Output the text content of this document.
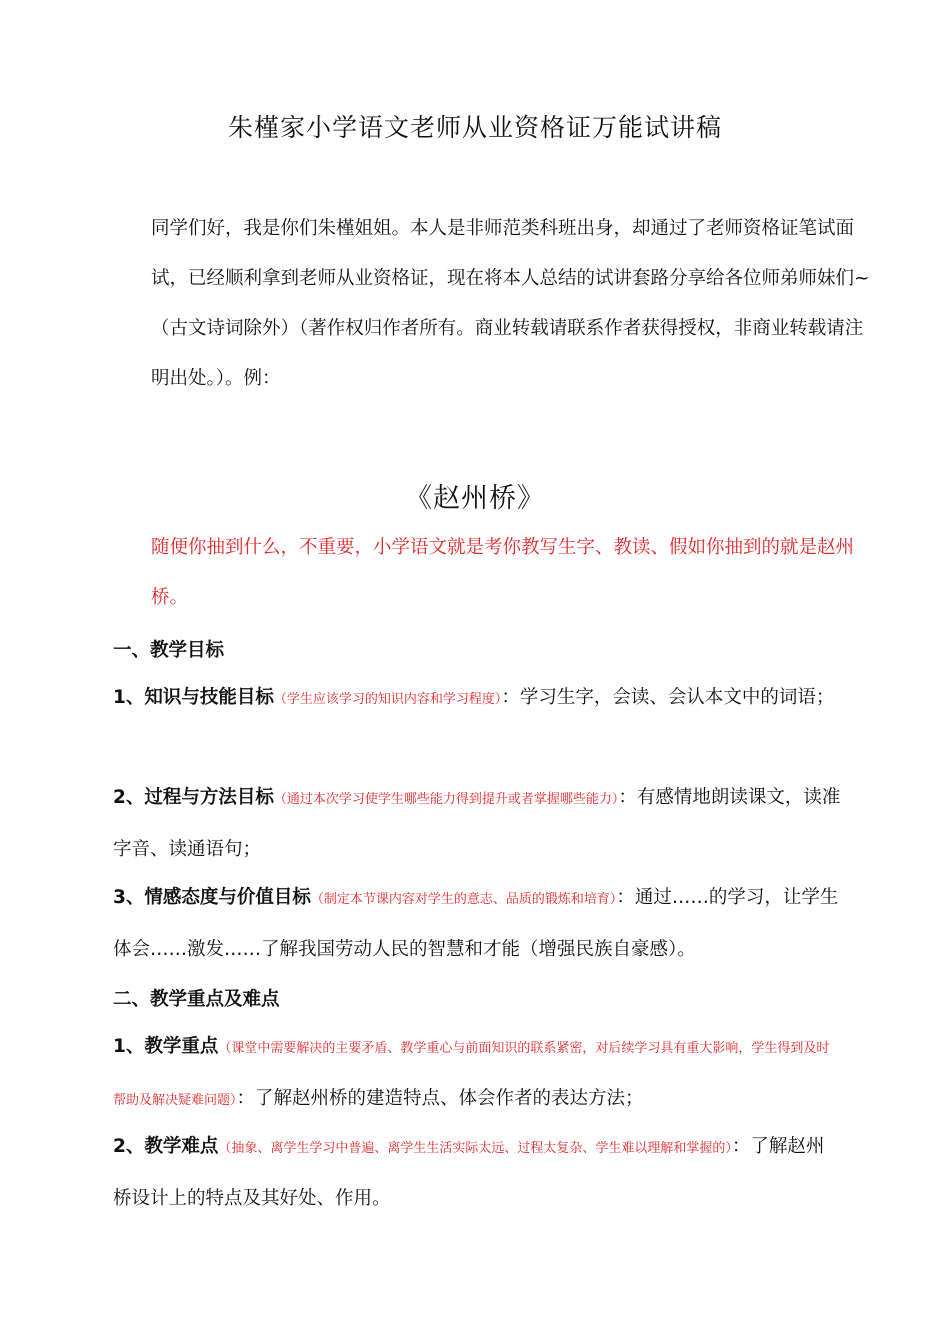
朱槿家小学语文老师从业资格证万能试讲稿
同学们好，我是你们朱槿姐姐。本人是非师范类科班出身，却通过了老师资格证笔试面试，已经顺利拿到老师从业资格证，现在将本人总结的试讲套路分享给各位师弟师妹们~（古文诗词除外）（著作权归作者所有。商业转载请联系作者获得授权，非商业转载请注明出处。）。例：
《赵州桥》
随便你抽到什么，不重要，小学语文就是考你教写生字、教读、假如你抽到的就是赵州桥。
一、教学目标
1、知识与技能目标（学生应该学习的知识内容和学习程度）：学习生字，会读、会认本文中的词语；
2、过程与方法目标（通过本次学习使学生哪些能力得到提升或者掌握哪些能力）：有感情地朗读课文，读准字音、读通语句；
3、情感态度与价值目标（制定本节课内容对学生的意志、品质的锻炼和培育）：通过……的学习，让学生体会……激发……了解我国劳动人民的智慧和才能（增强民族自豪感）。
二、教学重点及难点
1、教学重点（课堂中需要解决的主要矛盾、教学重心与前面知识的联系紧密，对后续学习具有重大影响，学生得到及时帮助及解决疑难问题）：了解赵州桥的建造特点、体会作者的表达方法；
2、教学难点（抽象、离学生学习中普遍、离学生生活实际太远、过程太复杂、学生难以理解和掌握的）：了解赵州桥设计上的特点及其好处、作用。
